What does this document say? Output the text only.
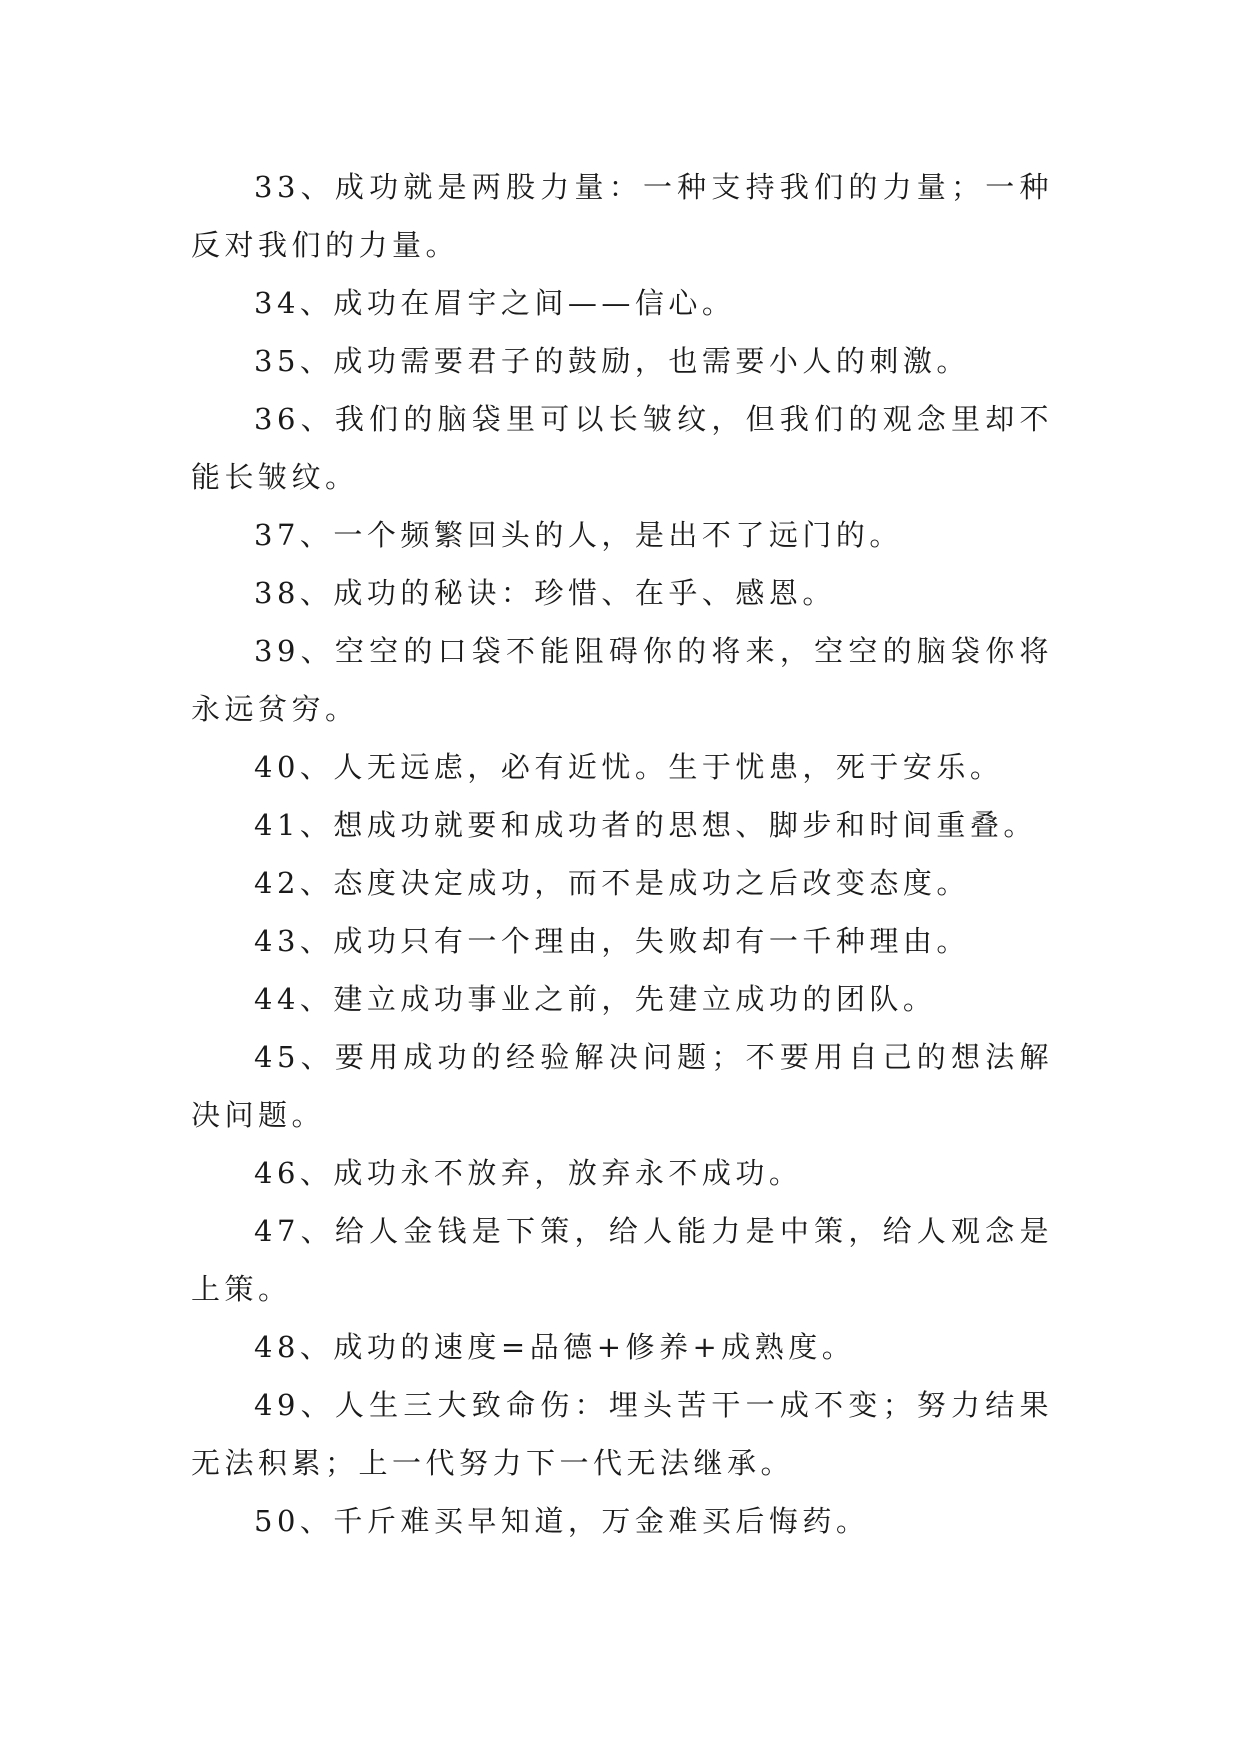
33、成功就是两股力量：一种支持我们的力量；一种反对我们的力量。

34、成功在眉宇之间——信心。

35、成功需要君子的鼓励，也需要小人的刺激。

36、我们的脑袋里可以长皱纹，但我们的观念里却不能长皱纹。

37、一个频繁回头的人，是出不了远门的。

38、成功的秘诀：珍惜、在乎、感恩。

39、空空的口袋不能阻碍你的将来，空空的脑袋你将永远贫穷。

40、人无远虑，必有近忧。生于忧患，死于安乐。

41、想成功就要和成功者的思想、脚步和时间重叠。

42、态度决定成功，而不是成功之后改变态度。

43、成功只有一个理由，失败却有一千种理由。

44、建立成功事业之前，先建立成功的团队。

45、要用成功的经验解决问题；不要用自己的想法解决问题。

46、成功永不放弃，放弃永不成功。

47、给人金钱是下策，给人能力是中策，给人观念是上策。

48、成功的速度=品德+修养+成熟度。

49、人生三大致命伤：埋头苦干一成不变；努力结果无法积累；上一代努力下一代无法继承。

50、千斤难买早知道，万金难买后悔药。
